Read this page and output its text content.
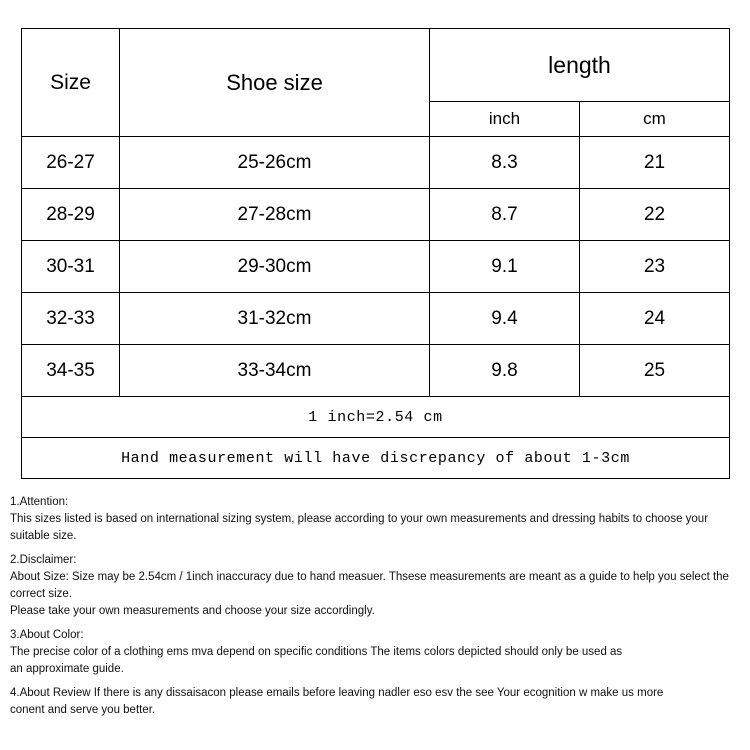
Size	Shoe size	length	
		inch	cm
26-27	25-26cm	8.3	21
28-29	27-28cm	8.7	22
30-31	29-30cm	9.1	23
32-33	31-32cm	9.4	24
34-35	33-34cm	9.8	25
1 inch=2.54 cm			
Hand measurement will have discrepancy of about 1-3cm			

1.Attention:

This sizes listed is based on international sizing system, please according to your own measurements and dressing habits to choose your suitable size.

2.Disclaimer:

About Size: Size may be 2.54cm / 1inch inaccuracy due to hand measuer. Thsese measurements are meant as a guide to help you select the correct size.

Please take your own measurements and choose your size accordingly.

3.About Color:

The precise color of a clothing ems mva depend on specific conditions The items colors depicted should only be used as

an approximate guide.

4.About Review If there is any dissaisacon please emails before leaving nadler eso esv the see Your ecognition w make us more

conent and serve you better.
